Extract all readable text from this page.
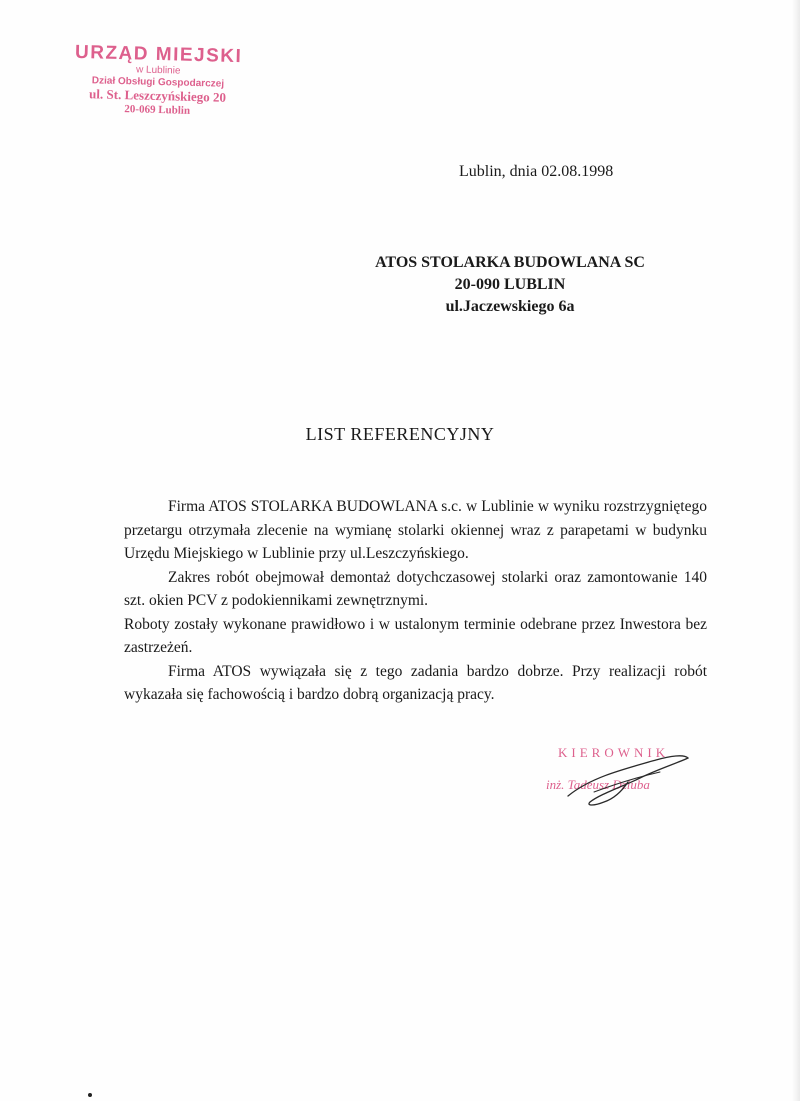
URZĄD MIEJSKI
w Lublinie
Dział Obsługi Gospodarczej
ul. St. Leszczyńskiego 20
20-069 Lublin
Lublin, dnia 02.08.1998
ATOS STOLARKA BUDOWLANA SC
20-090 LUBLIN
ul.Jaczewskiego 6a
LIST REFERENCYJNY

Firma ATOS STOLARKA BUDOWLANA s.c. w Lublinie w wyniku rozstrzygniętego przetargu otrzymała zlecenie na wymianę stolarki okiennej wraz z parapetami w budynku Urzędu Miejskiego w Lublinie przy ul.Leszczyńskiego.

Zakres robót obejmował demontaż dotychczasowej stolarki oraz zamontowanie 140 szt. okien PCV z podokiennikami zewnętrznymi.

Roboty zostały wykonane prawidłowo i w ustalonym terminie odebrane przez Inwestora bez zastrzeżeń.

Firma ATOS wywiązała się z tego zadania bardzo dobrze. Przy realizacji robót wykazała się fachowością i bardzo dobrą organizacją pracy.

KIEROWNIK
inż. Tadeusz Dziuba
